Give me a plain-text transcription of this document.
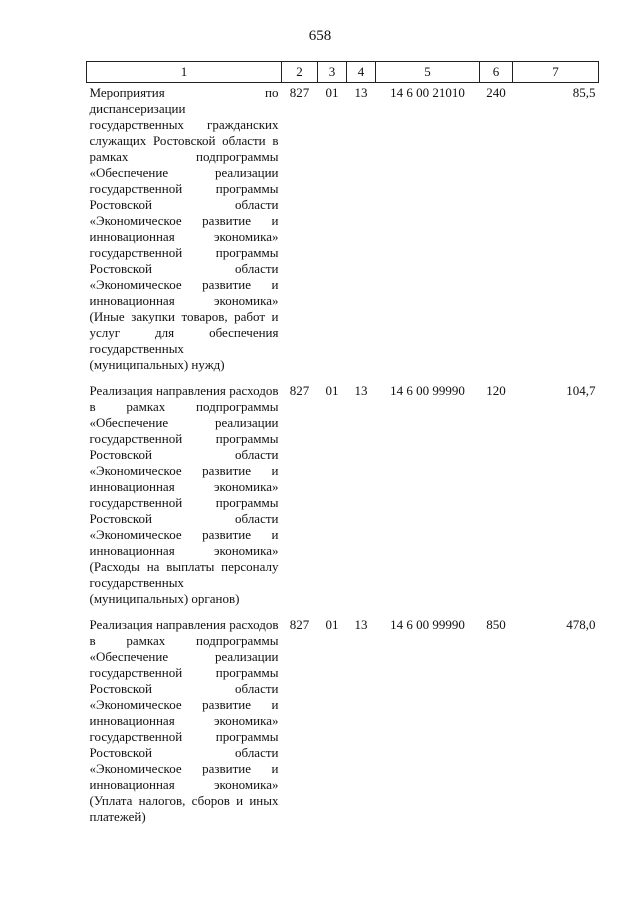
658
1	2	3	4	5	6	7
Мероприятия по диспансеризации государственных гражданских служащих Ростовской области в рамках подпрограммы «Обеспечение реализации государственной программы Ростовской области «Экономическое развитие и инновационная экономика» государственной программы Ростовской области «Экономическое развитие и инновационная экономика» (Иные закупки товаров, работ и услуг для обеспечения государственных (муниципальных) нужд)	827	01	13	14 6 00 21010	240	85,5
Реализация направления расходов в рамках подпрограммы «Обеспечение реализации государственной программы Ростовской области «Экономическое развитие и инновационная экономика» государственной программы Ростовской области «Экономическое развитие и инновационная экономика» (Расходы на выплаты персоналу государственных (муниципальных) органов)	827	01	13	14 6 00 99990	120	104,7
Реализация направления расходов в рамках подпрограммы «Обеспечение реализации государственной программы Ростовской области «Экономическое развитие и инновационная экономика» государственной программы Ростовской области «Экономическое развитие и инновационная экономика» (Уплата налогов, сборов и иных платежей)	827	01	13	14 6 00 99990	850	478,0
